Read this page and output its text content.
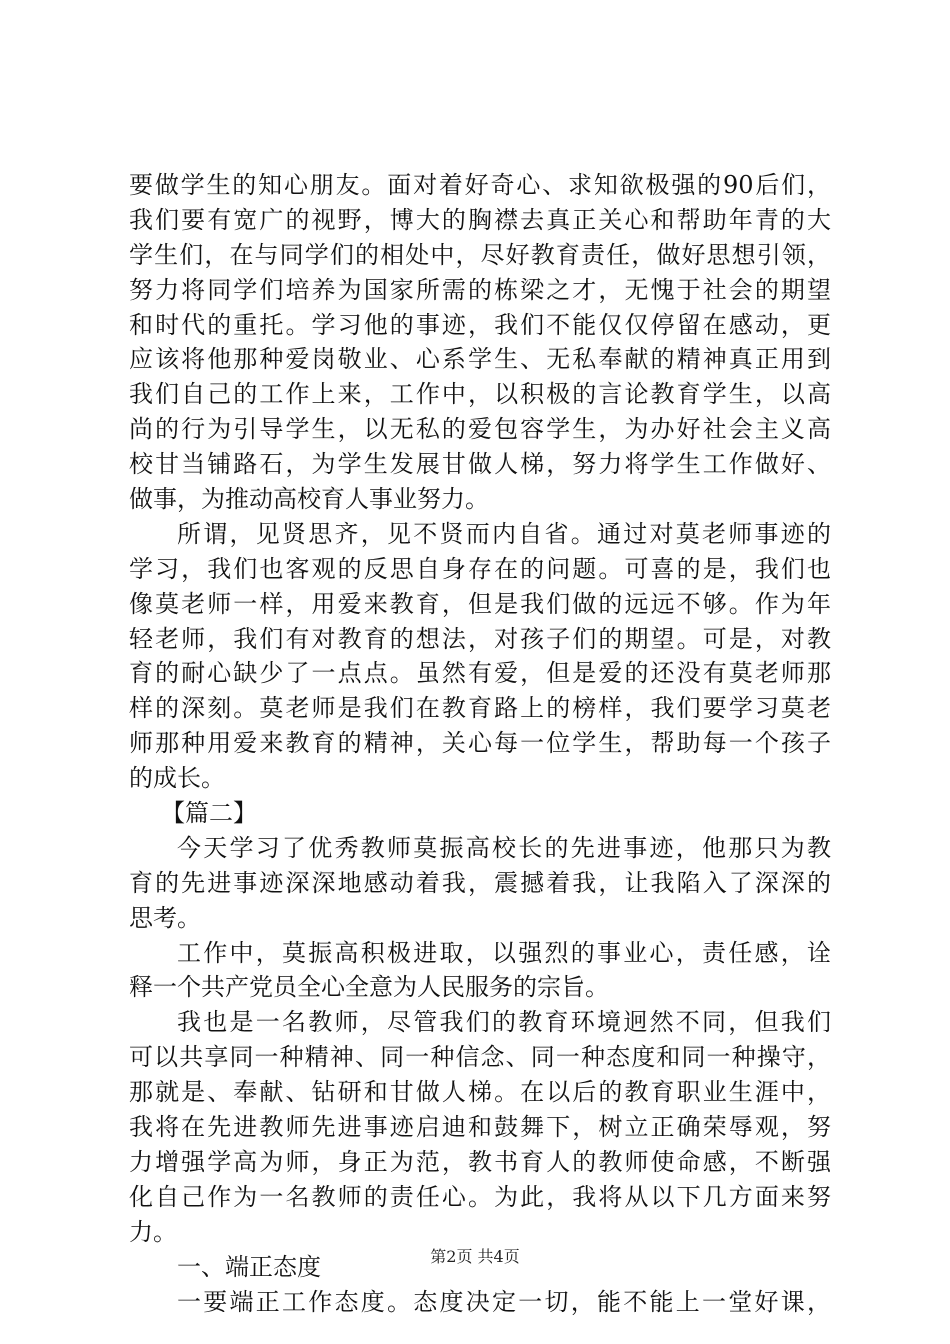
要做学生的知心朋友。面对着好奇心、求知欲极强的90后们，
我们要有宽广的视野，博大的胸襟去真正关心和帮助年青的大
学生们，在与同学们的相处中，尽好教育责任，做好思想引领，
努力将同学们培养为国家所需的栋梁之才，无愧于社会的期望
和时代的重托。学习他的事迹，我们不能仅仅停留在感动，更
应该将他那种爱岗敬业、心系学生、无私奉献的精神真正用到
我们自己的工作上来，工作中，以积极的言论教育学生，以高
尚的行为引导学生，以无私的爱包容学生，为办好社会主义高
校甘当铺路石，为学生发展甘做人梯，努力将学生工作做好、
做事，为推动高校育人事业努力。
所谓，见贤思齐，见不贤而内自省。通过对莫老师事迹的
学习，我们也客观的反思自身存在的问题。可喜的是，我们也
像莫老师一样，用爱来教育，但是我们做的远远不够。作为年
轻老师，我们有对教育的想法，对孩子们的期望。可是，对教
育的耐心缺少了一点点。虽然有爱，但是爱的还没有莫老师那
样的深刻。莫老师是我们在教育路上的榜样，我们要学习莫老
师那种用爱来教育的精神，关心每一位学生，帮助每一个孩子
的成长。
【篇二】
今天学习了优秀教师莫振高校长的先进事迹，他那只为教
育的先进事迹深深地感动着我，震撼着我，让我陷入了深深的
思考。
工作中，莫振高积极进取，以强烈的事业心，责任感，诠
释一个共产党员全心全意为人民服务的宗旨。
我也是一名教师，尽管我们的教育环境迥然不同，但我们
可以共享同一种精神、同一种信念、同一种态度和同一种操守，
那就是、奉献、钻研和甘做人梯。在以后的教育职业生涯中，
我将在先进教师先进事迹启迪和鼓舞下，树立正确荣辱观，努
力增强学高为师，身正为范，教书育人的教师使命感，不断强
化自己作为一名教师的责任心。为此，我将从以下几方面来努
力。
一、端正态度
一要端正工作态度。态度决定一切，能不能上一堂好课，
第2页 共4页
